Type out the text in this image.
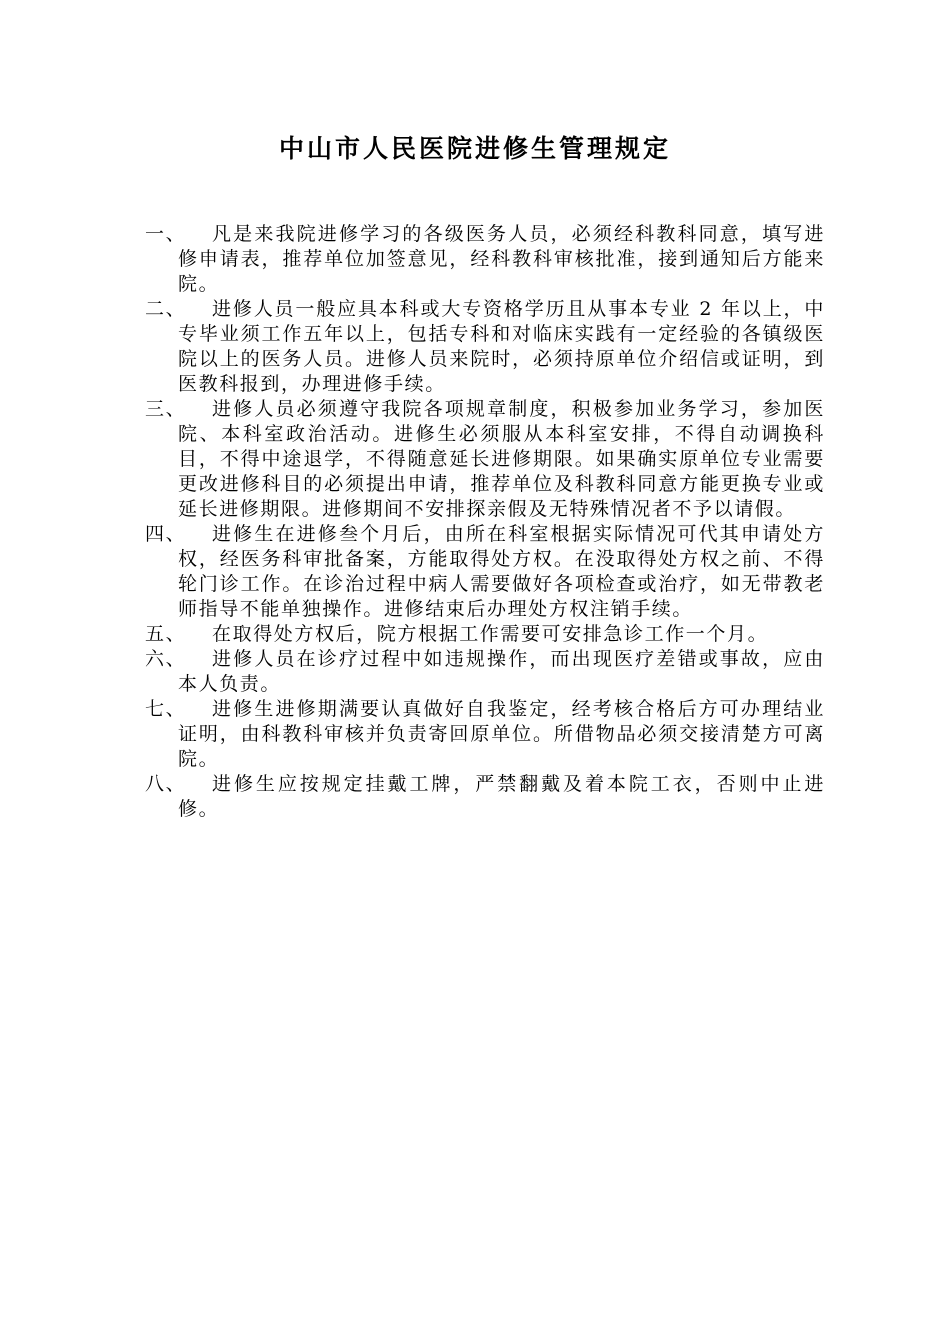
中山市人民医院进修生管理规定
一、	凡是来我院进修学习的各级医务人员，必须经科教科同意，填写进修申请表，推荐单位加签意见，经科教科审核批准，接到通知后方能来院。
二、	进修人员一般应具本科或大专资格学历且从事本专业 2 年以上，中专毕业须工作五年以上，包括专科和对临床实践有一定经验的各镇级医院以上的医务人员。进修人员来院时，必须持原单位介绍信或证明，到医教科报到，办理进修手续。
三、	进修人员必须遵守我院各项规章制度，积极参加业务学习，参加医院、本科室政治活动。进修生必须服从本科室安排，不得自动调换科目，不得中途退学，不得随意延长进修期限。如果确实原单位专业需要更改进修科目的必须提出申请，推荐单位及科教科同意方能更换专业或延长进修期限。进修期间不安排探亲假及无特殊情况者不予以请假。
四、	进修生在进修叁个月后，由所在科室根据实际情况可代其申请处方权，经医务科审批备案，方能取得处方权。在没取得处方权之前、不得轮门诊工作。在诊治过程中病人需要做好各项检查或治疗，如无带教老师指导不能单独操作。进修结束后办理处方权注销手续。
五、	在取得处方权后，院方根据工作需要可安排急诊工作一个月。
六、	进修人员在诊疗过程中如违规操作，而出现医疗差错或事故，应由本人负责。
七、	进修生进修期满要认真做好自我鉴定，经考核合格后方可办理结业证明，由科教科审核并负责寄回原单位。所借物品必须交接清楚方可离院。
八、	进修生应按规定挂戴工牌，严禁翻戴及着本院工衣，否则中止进修。
